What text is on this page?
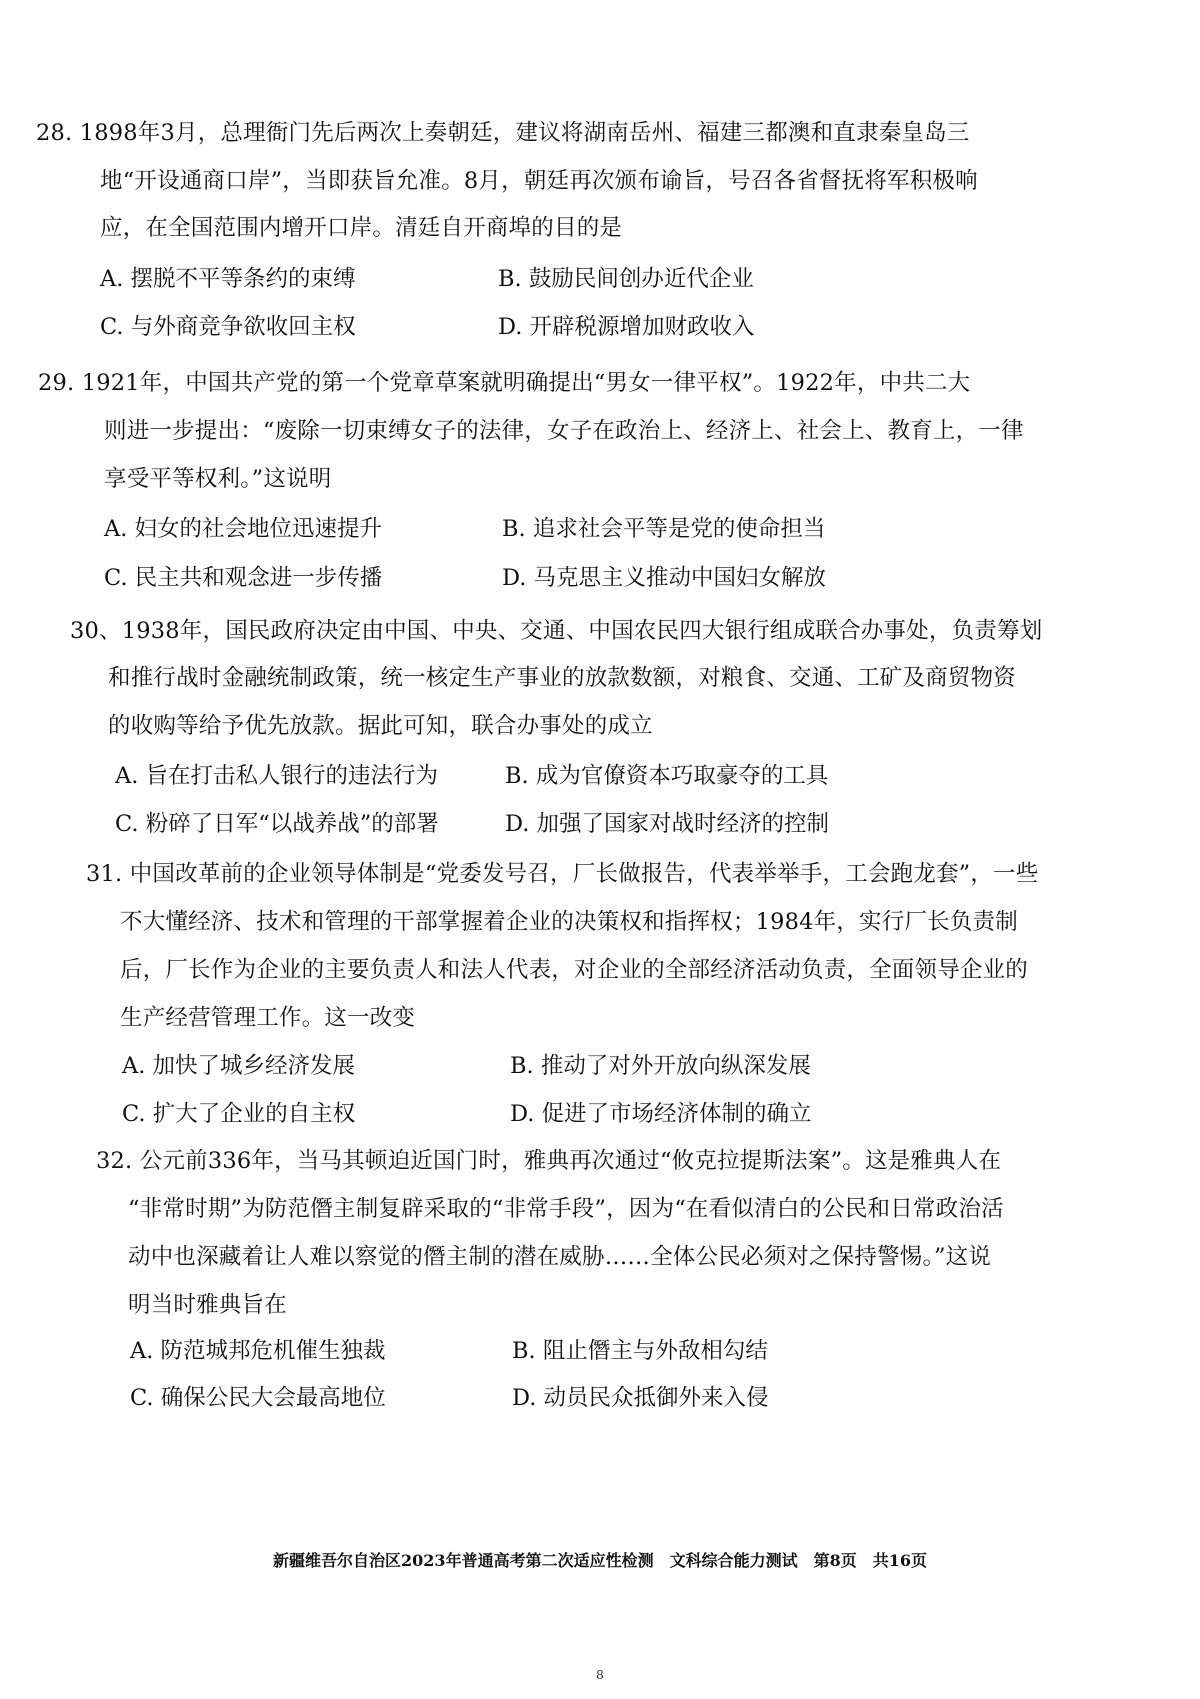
28. 1898年3月，总理衙门先后两次上奏朝廷，建议将湖南岳州、福建三都澳和直隶秦皇岛三
地“开设通商口岸”，当即获旨允准。8月，朝廷再次颁布谕旨，号召各省督抚将军积极响
应，在全国范围内增开口岸。清廷自开商埠的目的是
A. 摆脱不平等条约的束缚	B. 鼓励民间创办近代企业
C. 与外商竞争欲收回主权	D. 开辟税源增加财政收入
29. 1921年，中国共产党的第一个党章草案就明确提出“男女一律平权”。1922年，中共二大
则进一步提出：“废除一切束缚女子的法律，女子在政治上、经济上、社会上、教育上，一律
享受平等权利。”这说明
A. 妇女的社会地位迅速提升	B. 追求社会平等是党的使命担当
C. 民主共和观念进一步传播	D. 马克思主义推动中国妇女解放
30、1938年，国民政府决定由中国、中央、交通、中国农民四大银行组成联合办事处，负责筹划
和推行战时金融统制政策，统一核定生产事业的放款数额，对粮食、交通、工矿及商贸物资
的收购等给予优先放款。据此可知，联合办事处的成立
A. 旨在打击私人银行的违法行为	B. 成为官僚资本巧取豪夺的工具
C. 粉碎了日军“以战养战”的部署	D. 加强了国家对战时经济的控制
31. 中国改革前的企业领导体制是“党委发号召，厂长做报告，代表举举手，工会跑龙套”，一些
不大懂经济、技术和管理的干部掌握着企业的决策权和指挥权；1984年，实行厂长负责制
后，厂长作为企业的主要负责人和法人代表，对企业的全部经济活动负责，全面领导企业的
生产经营管理工作。这一改变
A. 加快了城乡经济发展	B. 推动了对外开放向纵深发展
C. 扩大了企业的自主权	D. 促进了市场经济体制的确立
32. 公元前336年，当马其顿迫近国门时，雅典再次通过“攸克拉提斯法案”。这是雅典人在
“非常时期”为防范僭主制复辟采取的“非常手段”，因为“在看似清白的公民和日常政治活
动中也深藏着让人难以察觉的僭主制的潜在威胁……全体公民必须对之保持警惕。”这说
明当时雅典旨在
A. 防范城邦危机催生独裁	B. 阻止僭主与外敌相勾结
C. 确保公民大会最高地位	D. 动员民众抵御外来入侵
新疆维吾尔自治区2023年普通高考第二次适应性检测　文科综合能力测试　第8页　共16页
8
